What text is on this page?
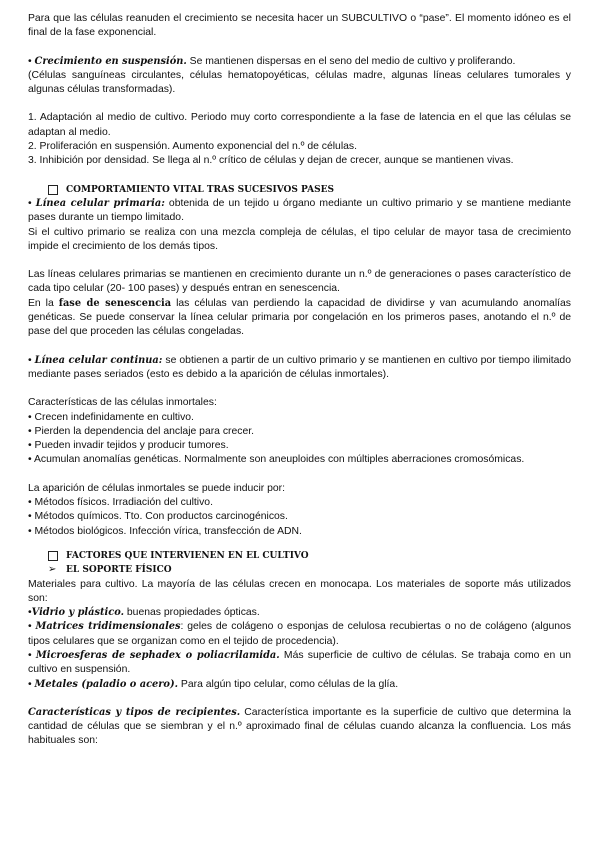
Para que las células reanuden el crecimiento se necesita hacer un SUBCULTIVO o “pase”. El momento idóneo es el final de la fase exponencial.

• Crecimiento en suspensión. Se mantienen dispersas en el seno del medio de cultivo y proliferando.

(Células sanguíneas circulantes, células hematopoyéticas, células madre, algunas líneas celulares tumorales y algunas células transformadas).

1. Adaptación al medio de cultivo. Periodo muy corto correspondiente a la fase de latencia en el que las células se adaptan al medio.

2. Proliferación en suspensión. Aumento exponencial del n.º de células.

3. Inhibición por densidad. Se llega al n.º crítico de células y dejan de crecer, aunque se mantienen vivas.

COMPORTAMIENTO VITAL TRAS SUCESIVOS PASES

• Línea celular primaria: obtenida de un tejido u órgano mediante un cultivo primario y se mantiene mediante pases durante un tiempo limitado.

Si el cultivo primario se realiza con una mezcla compleja de células, el tipo celular de mayor tasa de crecimiento impide el crecimiento de los demás tipos.

Las líneas celulares primarias se mantienen en crecimiento durante un n.º de generaciones o pases característico de cada tipo celular (20- 100 pases) y después entran en senescencia.

En la fase de senescencia las células van perdiendo la capacidad de dividirse y van acumulando anomalías genéticas. Se puede conservar la línea celular primaria por congelación en los primeros pases, anotando el n.º de pase del que proceden las células congeladas.

• Línea celular continua: se obtienen a partir de un cultivo primario y se mantienen en cultivo por tiempo ilimitado mediante pases seriados (esto es debido a la aparición de células inmortales).

Características de las células inmortales:

• Crecen indefinidamente en cultivo.

• Pierden la dependencia del anclaje para crecer.

• Pueden invadir tejidos y producir tumores.

• Acumulan anomalías genéticas. Normalmente son aneuploides con múltiples aberraciones cromosómicas.

La aparición de células inmortales se puede inducir por:

• Métodos físicos. Irradiación del cultivo.

• Métodos químicos. Tto. Con productos carcinogénicos.

• Métodos biológicos. Infección vírica, transfección de ADN.

FACTORES QUE INTERVIENEN EN EL CULTIVO
➢ EL SOPORTE FÍSICO

Materiales para cultivo. La mayoría de las células crecen en monocapa. Los materiales de soporte más utilizados son:

•Vidrio y plástico. buenas propiedades ópticas.

• Matrices tridimensionales: geles de colágeno o esponjas de celulosa recubiertas o no de colágeno (algunos tipos celulares que se organizan como en el tejido de procedencia).

• Microesferas de sephadex o poliacrilamida. Más superficie de cultivo de células. Se trabaja como en un cultivo en suspensión.

• Metales (paladio o acero). Para algún tipo celular, como células de la glía.

Características y tipos de recipientes. Característica importante es la superficie de cultivo que determina la cantidad de células que se siembran y el n.º aproximado final de células cuando alcanza la confluencia. Los más habituales son:
